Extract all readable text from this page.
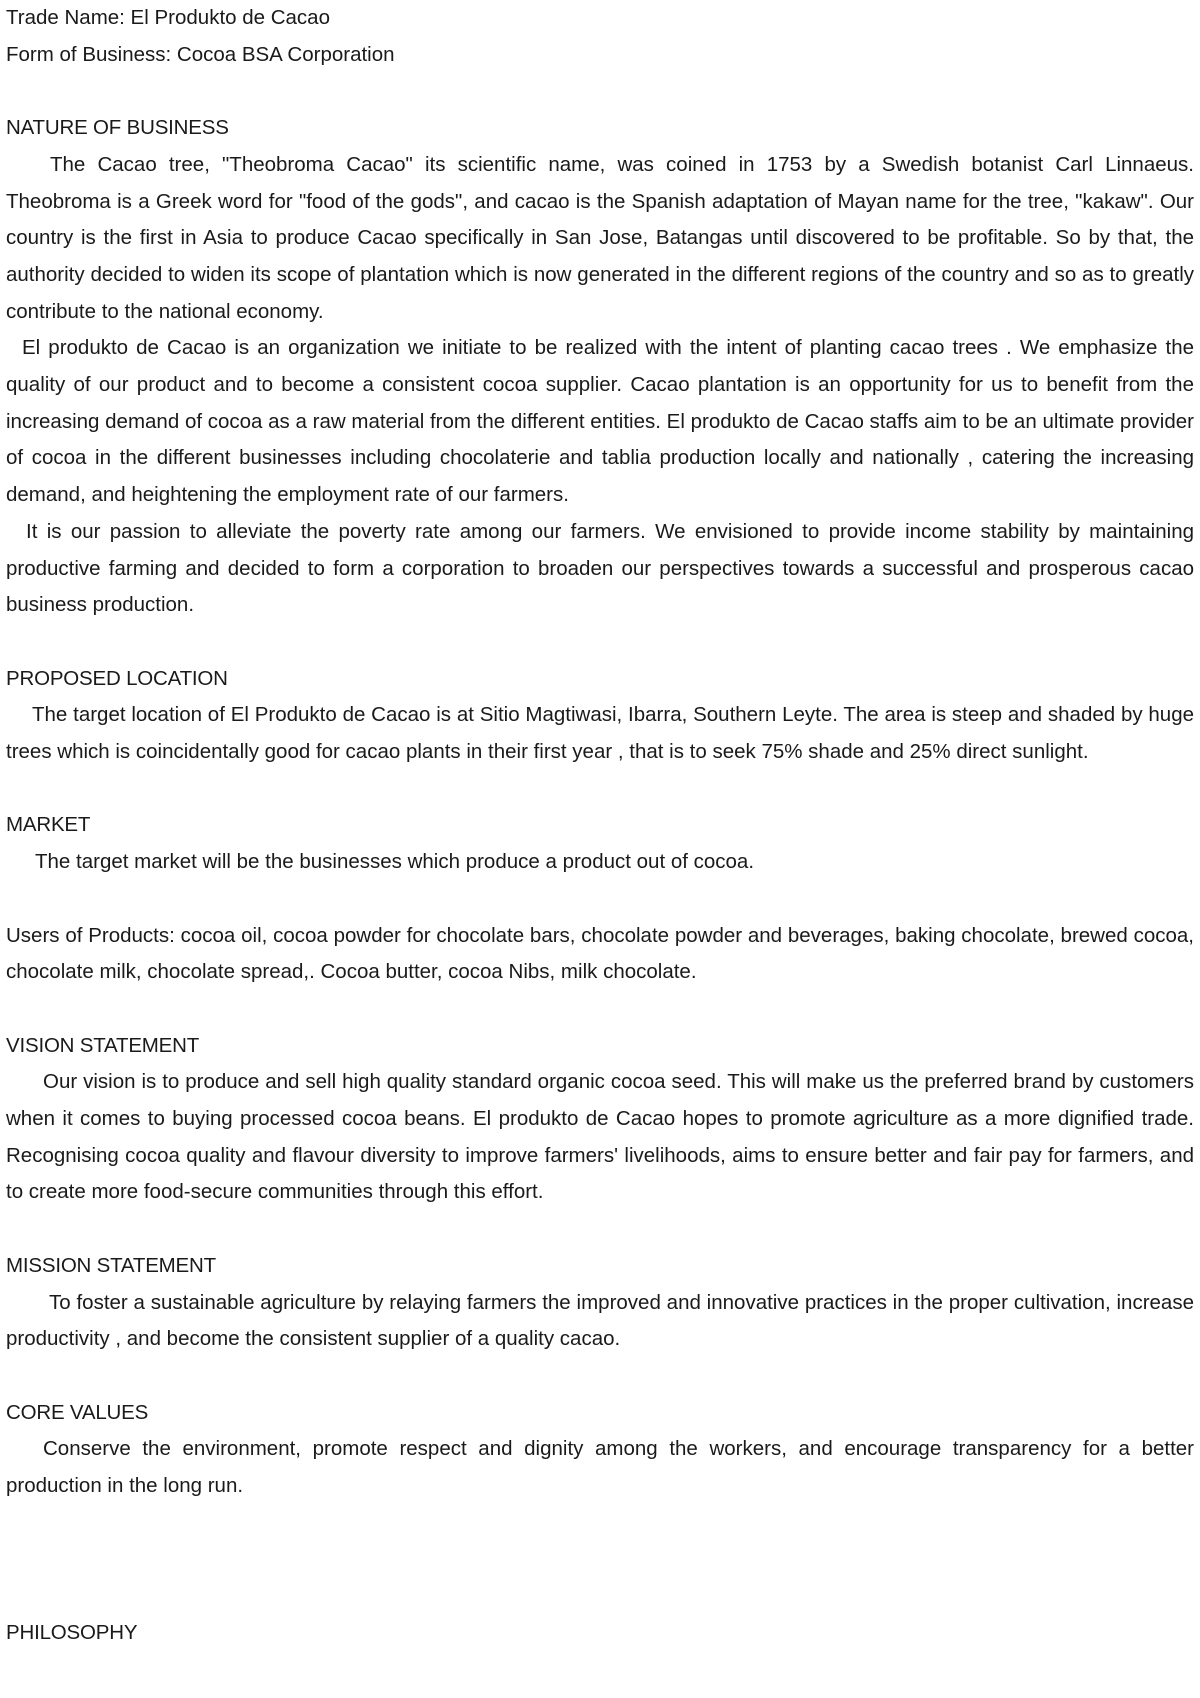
Trade Name: El Produkto de Cacao
Form of Business: Cocoa BSA Corporation
NATURE OF BUSINESS

The Cacao tree, "Theobroma Cacao" its scientific name, was coined in 1753 by a Swedish botanist Carl Linnaeus. Theobroma is a Greek word for "food of the gods", and cacao is the Spanish adaptation of Mayan name for the tree, "kakaw". Our country is the first in Asia to produce Cacao specifically in San Jose, Batangas until discovered to be profitable. So by that, the authority decided to widen its scope of plantation which is now generated in the different regions of the country and so as to greatly contribute to the national economy.

El produkto de Cacao is an organization we initiate to be realized with the intent of planting cacao trees . We emphasize the quality of our product and to become a consistent cocoa supplier. Cacao plantation is an opportunity for us to benefit from the increasing demand of cocoa as a raw material from the different entities. El produkto de Cacao staffs aim to be an ultimate provider of cocoa in the different businesses including chocolaterie and tablia production locally and nationally , catering the increasing demand, and heightening the employment rate of our farmers.

It is our passion to alleviate the poverty rate among our farmers. We envisioned to provide income stability by maintaining productive farming and decided to form a corporation to broaden our perspectives towards a successful and prosperous cacao business production.

PROPOSED LOCATION

The target location of El Produkto de Cacao is at Sitio Magtiwasi, Ibarra, Southern Leyte. The area is steep and shaded by huge trees which is coincidentally good for cacao plants in their first year , that is to seek 75% shade and 25% direct sunlight.

MARKET

The target market will be the businesses which produce a product out of cocoa.

Users of Products: cocoa oil, cocoa powder for chocolate bars, chocolate powder and beverages, baking chocolate, brewed cocoa, chocolate milk, chocolate spread,. Cocoa butter, cocoa Nibs, milk chocolate.

VISION STATEMENT

Our vision is to produce and sell high quality standard organic cocoa seed. This will make us the preferred brand by customers when it comes to buying processed cocoa beans. El produkto de Cacao hopes to promote agriculture as a more dignified trade. Recognising cocoa quality and flavour diversity to improve farmers' livelihoods, aims to ensure better and fair pay for farmers, and to create more food-secure communities through this effort.

MISSION STATEMENT

To foster a sustainable agriculture by relaying farmers the improved and innovative practices in the proper cultivation, increase productivity , and become the consistent supplier of a quality cacao.

CORE VALUES

Conserve the environment, promote respect and dignity among the workers, and encourage transparency for a better production in the long run.

PHILOSOPHY
